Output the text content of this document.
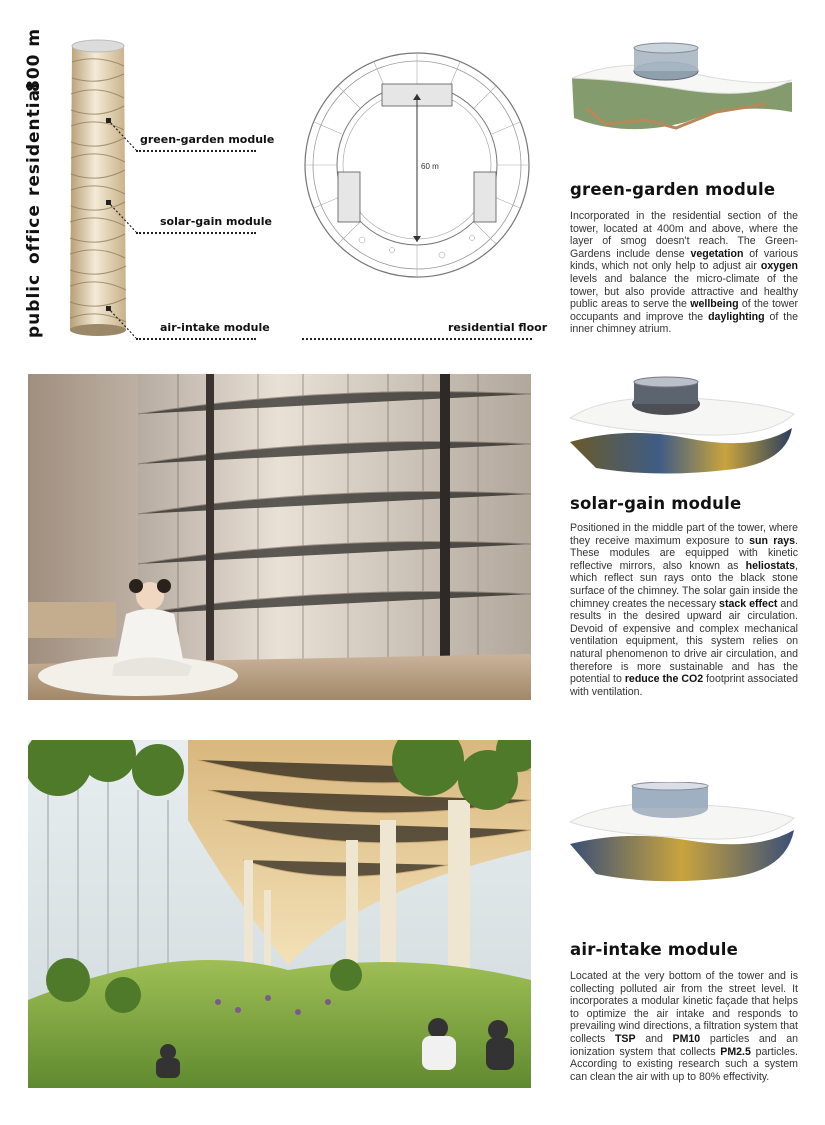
800 m
residential
office
public
green-garden module
solar-gain module
air-intake module
60 m
residential floor
green-garden module
Incorporated in the residential section of the tower, located at 400m and above, where the layer of smog doesn't reach. The Green-Gardens include dense vegetation of various kinds, which not only help to adjust air oxygen levels and balance the micro-climate of the tower, but also provide attractive and healthy public areas to serve the wellbeing of the tower occupants and improve the daylighting of the inner chimney atrium.
solar-gain module
Positioned in the middle part of the tower, where they receive maximum exposure to sun rays. These modules are equipped with kinetic reflective mirrors, also known as heliostats, which reflect sun rays onto the black stone surface of the chimney. The solar gain inside the chimney creates the necessary stack effect and results in the desired upward air circulation. Devoid of expensive and complex mechanical ventilation equipment, this system relies on natural phenomenon to drive air circulation, and therefore is more sustainable and has the potential to reduce the CO2 footprint associated with ventilation.
air-intake module
Located at the very bottom of the tower and is collecting polluted air from the street level. It incorporates a modular kinetic façade that helps to optimize the air intake and responds to prevailing wind directions, a filtration system that collects TSP and PM10 particles and an ionization system that collects PM2.5 particles. According to existing research such a system can clean the air with up to 80% effectivity.
